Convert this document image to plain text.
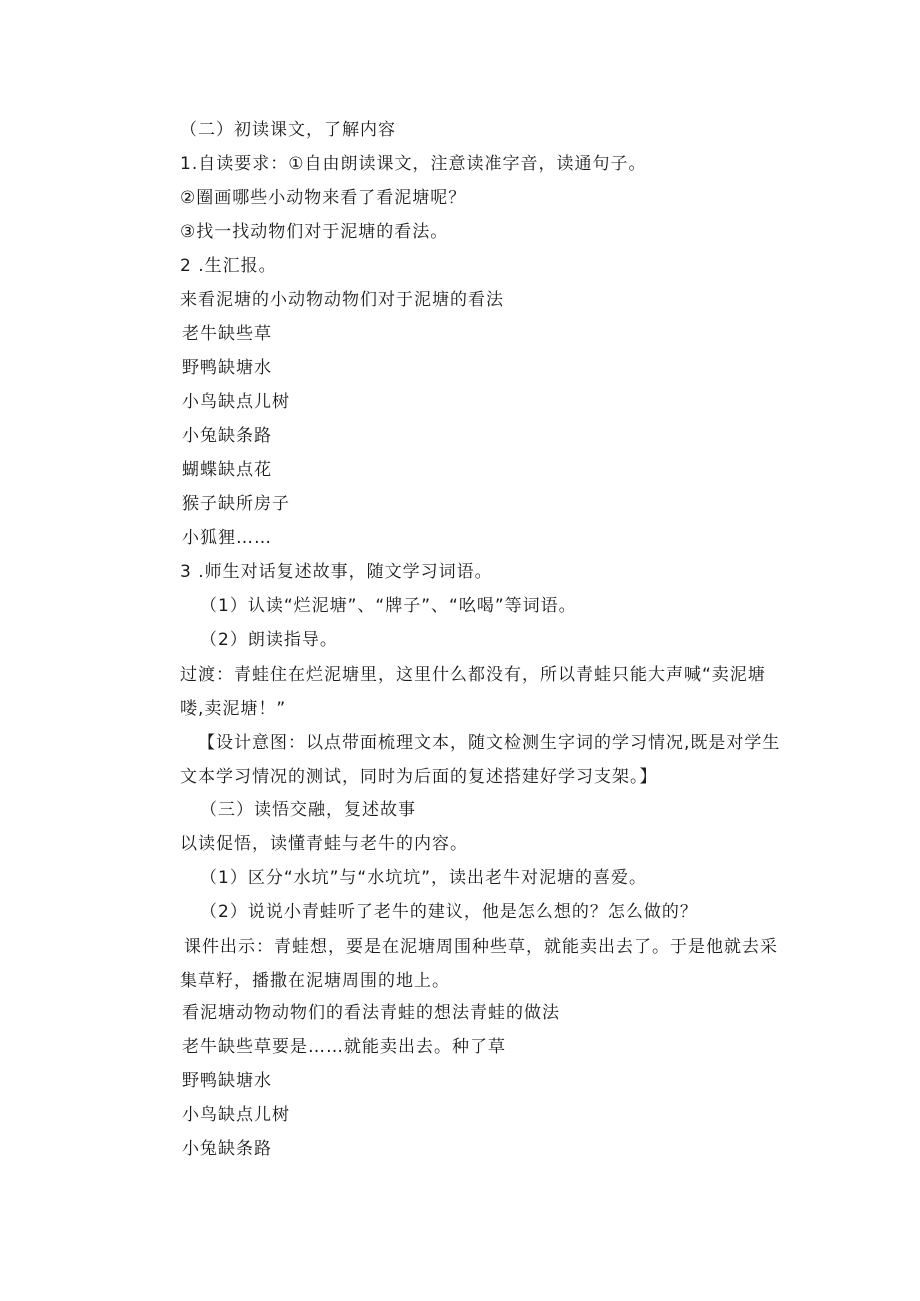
（二）初读课文，了解内容
1.自读要求：①自由朗读课文，注意读准字音，读通句子。
②圈画哪些小动物来看了看泥塘呢？
③找一找动物们对于泥塘的看法。
2 .生汇报。
来看泥塘的小动物动物们对于泥塘的看法
老牛缺些草
野鸭缺塘水
小鸟缺点儿树
小兔缺条路
蝴蝶缺点花
猴子缺所房子
小狐狸……
3 .师生对话复述故事，随文学习词语。
（1）认读“烂泥塘”、“牌子”、“吆喝”等词语。
（2）朗读指导。
过渡：青蛙住在烂泥塘里，这里什么都没有，所以青蛙只能大声喊“卖泥塘喽,卖泥塘！”
【设计意图：以点带面梳理文本，随文检测生字词的学习情况,既是对学生文本学习情况的测试，同时为后面的复述搭建好学习支架。】
（三）读悟交融，复述故事
以读促悟，读懂青蛙与老牛的内容。
（1）区分“水坑”与“水坑坑”，读出老牛对泥塘的喜爱。
（2）说说小青蛙听了老牛的建议，他是怎么想的？怎么做的？
课件出示：青蛙想，要是在泥塘周围种些草，就能卖出去了。于是他就去采集草籽，播撒在泥塘周围的地上。
看泥塘动物动物们的看法青蛙的想法青蛙的做法
老牛缺些草要是……就能卖出去。种了草
野鸭缺塘水
小鸟缺点儿树
小兔缺条路
